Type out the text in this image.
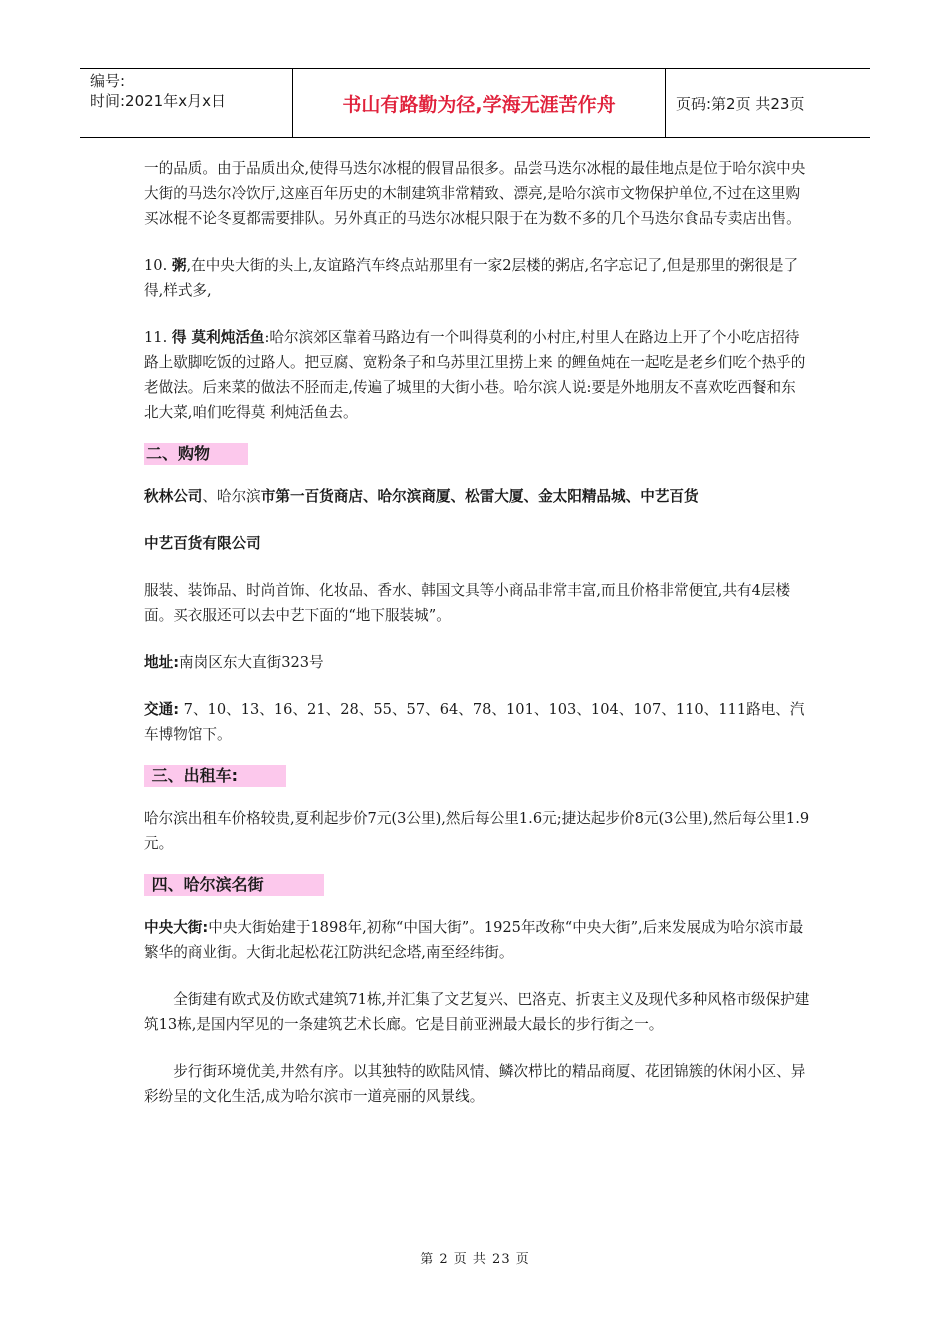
编号:
时间:2021年x月x日	书山有路勤为径,学海无涯苦作舟	页码:第2页 共23页

一的品质。由于品质出众,使得马迭尔冰棍的假冒品很多。品尝马迭尔冰棍的最佳地点是位于哈尔滨中央大街的马迭尔冷饮厅,这座百年历史的木制建筑非常精致、漂亮,是哈尔滨市文物保护单位,不过在这里购买冰棍不论冬夏都需要排队。另外真正的马迭尔冰棍只限于在为数不多的几个马迭尔食品专卖店出售。

10. 粥,在中央大街的头上,友谊路汽车终点站那里有一家2层楼的粥店,名字忘记了,但是那里的粥很是了得,样式多,

11. 得 莫利炖活鱼:哈尔滨郊区靠着马路边有一个叫得莫利的小村庄,村里人在路边上开了个小吃店招待路上歇脚吃饭的过路人。把豆腐、宽粉条子和乌苏里江里捞上来 的鲤鱼炖在一起吃是老乡们吃个热乎的老做法。后来菜的做法不胫而走,传遍了城里的大街小巷。哈尔滨人说:要是外地朋友不喜欢吃西餐和东北大菜,咱们吃得莫 利炖活鱼去。

二、购物

秋林公司、哈尔滨市第一百货商店、哈尔滨商厦、松雷大厦、金太阳精品城、中艺百货

中艺百货有限公司

服装、装饰品、时尚首饰、化妆品、香水、韩国文具等小商品非常丰富,而且价格非常便宜,共有4层楼面。买衣服还可以去中艺下面的“地下服装城”。

地址:南岗区东大直街323号

交通: 7、10、13、16、21、28、55、57、64、78、101、103、104、107、110、111路电、汽车博物馆下。

三、出租车:

哈尔滨出租车价格较贵,夏利起步价7元(3公里),然后每公里1.6元;捷达起步价8元(3公里),然后每公里1.9元。

四、哈尔滨名街

中央大街:中央大街始建于1898年,初称“中国大街”。1925年改称“中央大街”,后来发展成为哈尔滨市最繁华的商业街。大街北起松花江防洪纪念塔,南至经纬街。

全街建有欧式及仿欧式建筑71栋,并汇集了文艺复兴、巴洛克、折衷主义及现代多种风格市级保护建筑13栋,是国内罕见的一条建筑艺术长廊。它是目前亚洲最大最长的步行街之一。

步行街环境优美,井然有序。以其独特的欧陆风情、鳞次栉比的精品商厦、花团锦簇的休闲小区、异彩纷呈的文化生活,成为哈尔滨市一道亮丽的风景线。

第 2 页 共 23 页
